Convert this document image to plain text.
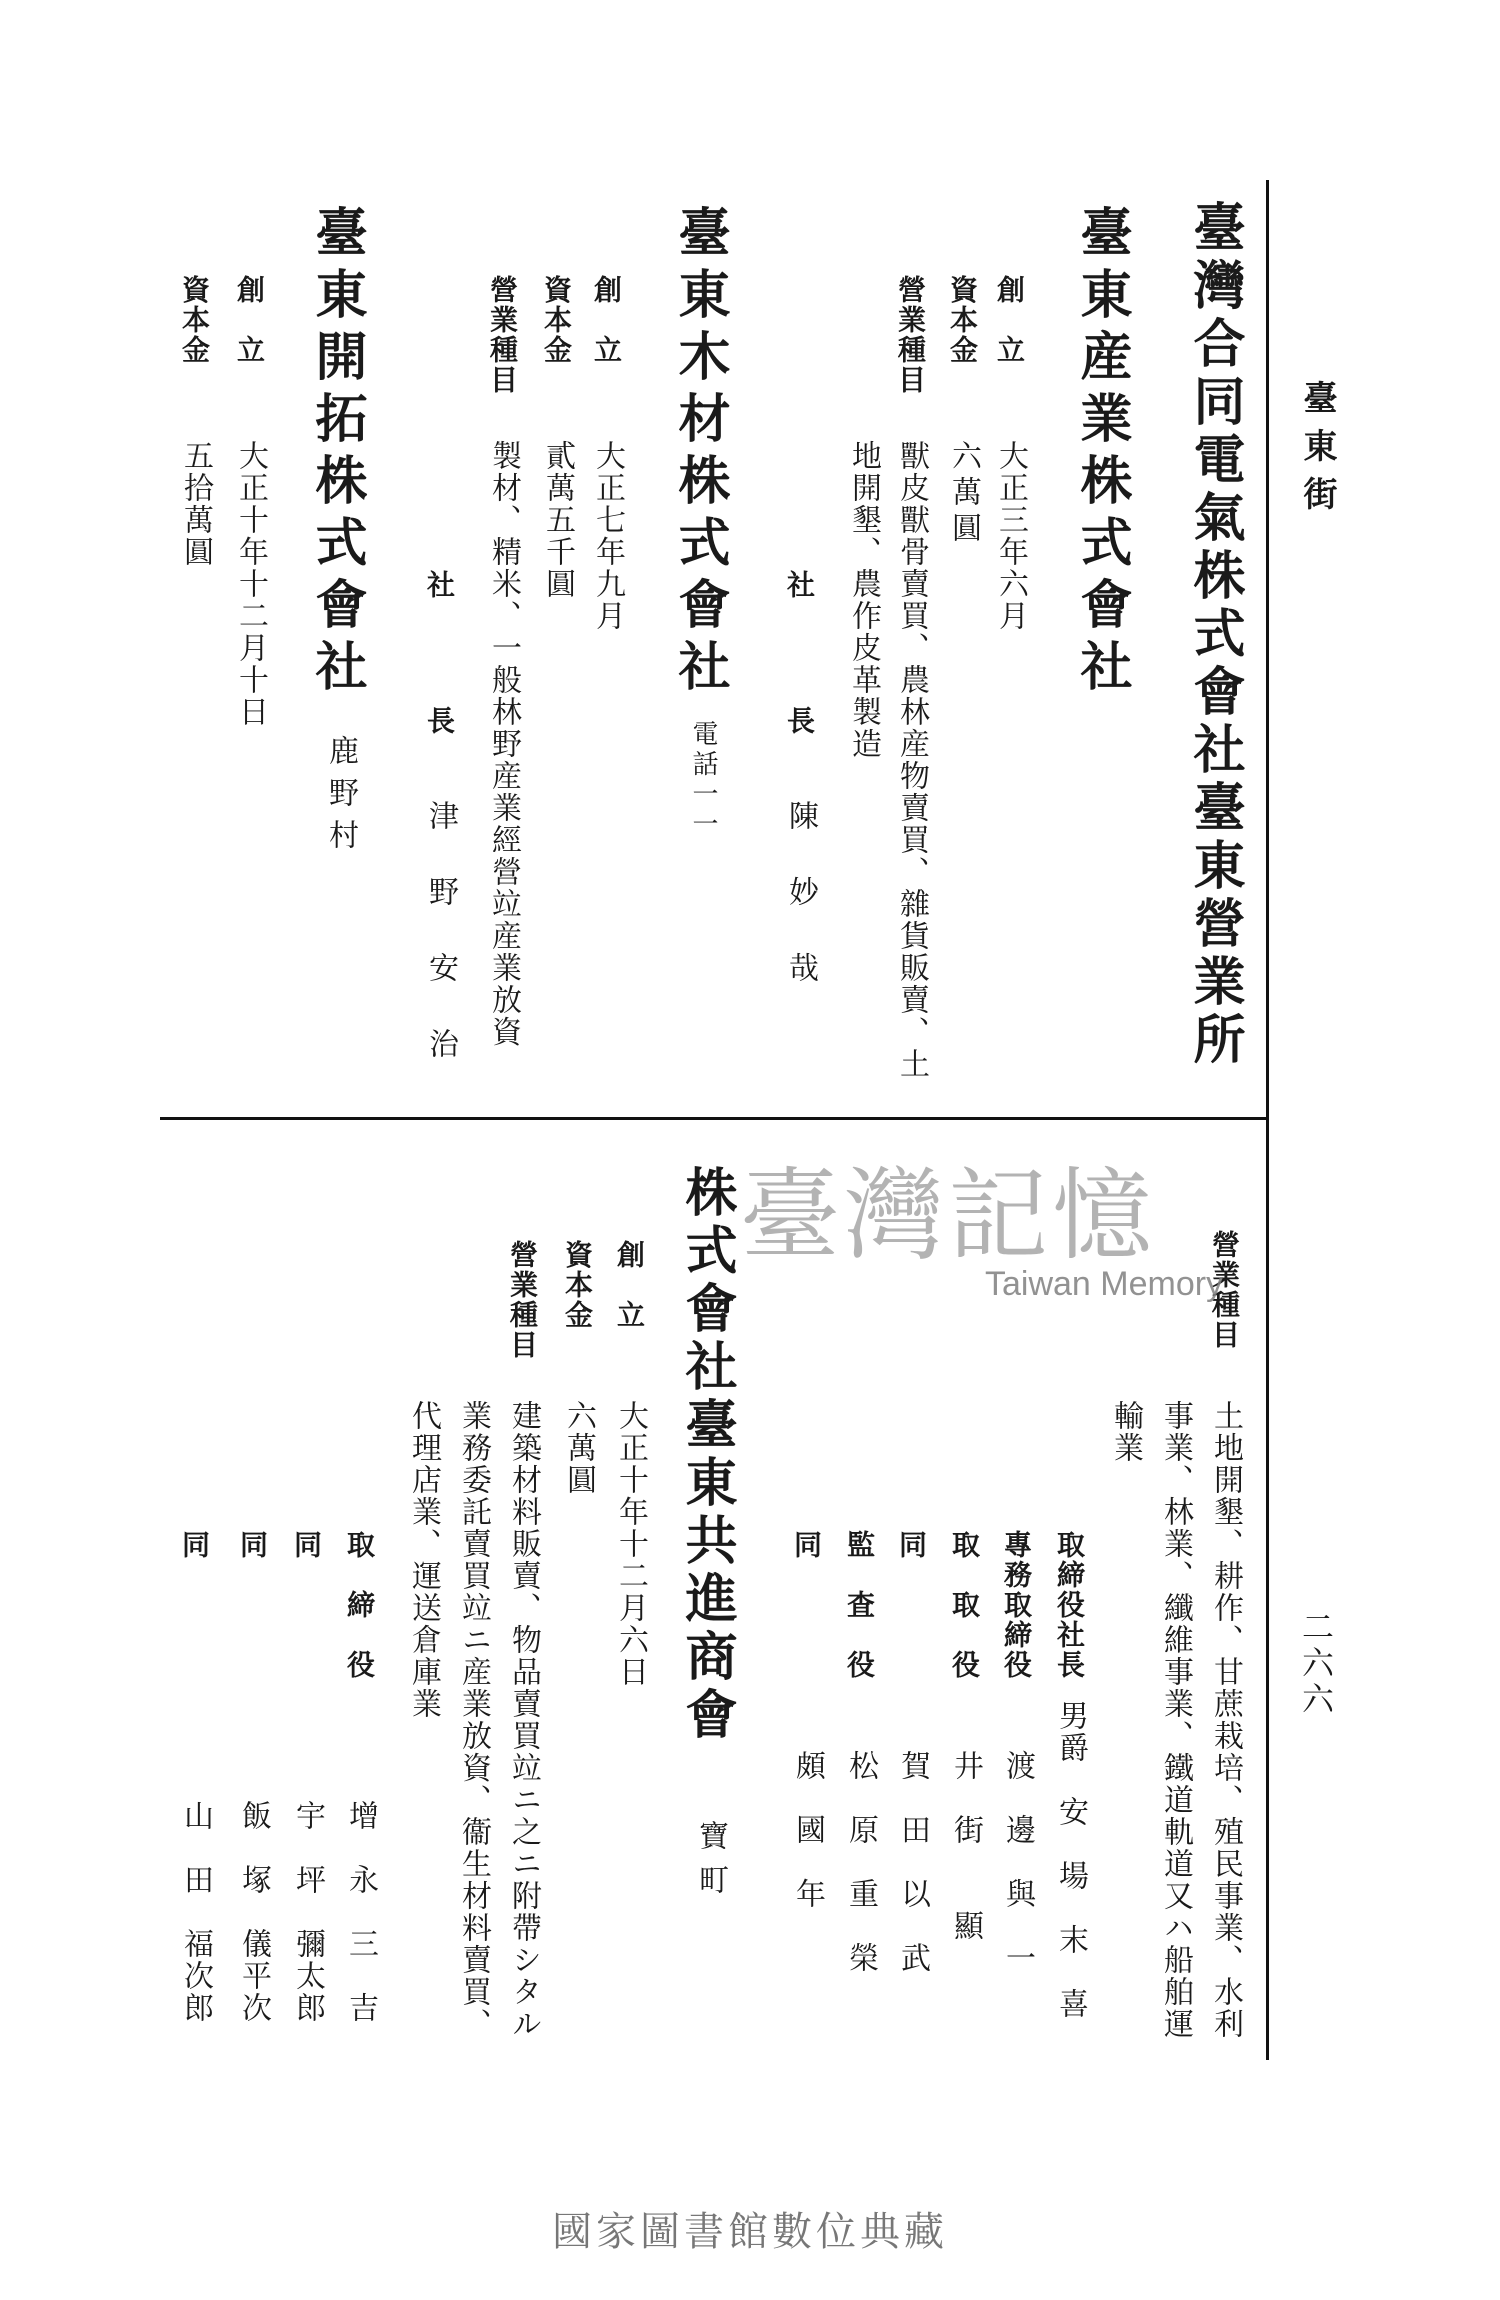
臺東街
二六六
臺灣合同電氣株式會社臺東營業所
臺東産業株式會社
創　立
大正三年六月
資本金
六萬圓
營業種目
獸皮獸骨賣買、農林産物賣買、雜貨販賣、土
地開墾、農作皮革製造
社　長
陳　妙　哉
臺東木材株式會社
電話一一
創　立
大正七年九月
資本金
貳萬五千圓
營業種目
製材、精米、一般林野産業經營竝産業放資
社　長
津　野　安　治
臺東開拓株式會社
鹿野村
創　立
大正十年十二月十日
資本金
五拾萬圓
營業種目
土地開墾、耕作、甘蔗栽培、殖民事業、水利
事業、林業、纖維事業、鐵道軌道又ハ船舶運
輸業
取締役社長
男爵　安　場　末　喜
專務取締役
渡　邊　與　一
取　取　役
井　街　　顯
同
賀　田　以　武
監　査　役
松　原　重　榮
同
頗　國　年
株式會社臺東共進商會
寶町
創　立
大正十年十二月六日
資本金
六萬圓
營業種目
建築材料販賣、物品賣買竝ニ之ニ附帶シタル
業務委託賣買竝ニ産業放資、衞生材料賣買、
代理店業、運送倉庫業
取　締　役
增　永　三　吉
同
宇　坪　彌太郎
同
飯　塚　儀平次
同
山　田　福次郎
臺灣記憶
Taiwan Memory
國家圖書館數位典藏
